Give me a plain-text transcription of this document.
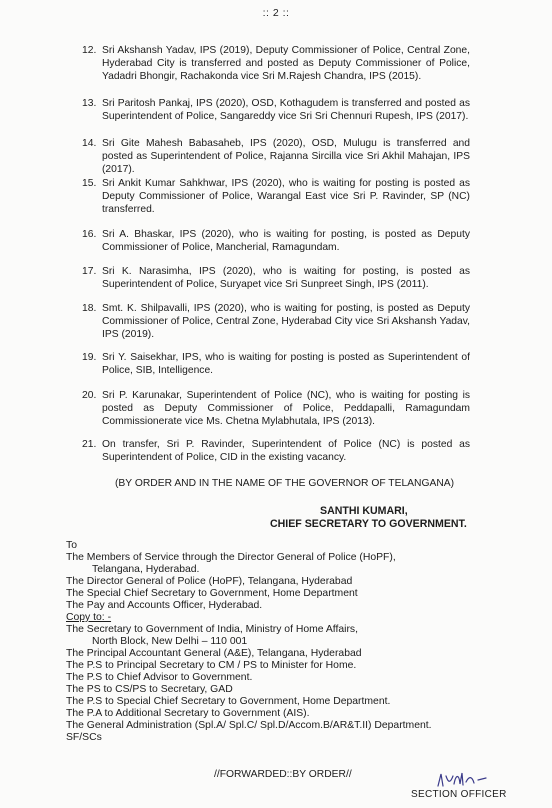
:: 2 ::
12. Sri Akshansh Yadav, IPS (2019), Deputy Commissioner of Police, Central Zone, Hyderabad City is transferred and posted as Deputy Commissioner of Police, Yadadri Bhongir, Rachakonda vice Sri M.Rajesh Chandra, IPS (2015).
13. Sri Paritosh Pankaj, IPS (2020), OSD, Kothagudem is transferred and posted as Superintendent of Police, Sangareddy vice Sri Sri Chennuri Rupesh, IPS (2017).
14. Sri Gite Mahesh Babasaheb, IPS (2020), OSD, Mulugu is transferred and posted as Superintendent of Police, Rajanna Sircilla vice Sri Akhil Mahajan, IPS (2017).
15. Sri Ankit Kumar Sahkhwar, IPS (2020), who is waiting for posting is posted as Deputy Commissioner of Police, Warangal East vice Sri P. Ravinder, SP (NC) transferred.
16. Sri A. Bhaskar, IPS (2020), who is waiting for posting, is posted as Deputy Commissioner of Police, Mancherial, Ramagundam.
17. Sri K. Narasimha, IPS (2020), who is waiting for posting, is posted as Superintendent of Police, Suryapet vice Sri Sunpreet Singh, IPS (2011).
18. Smt. K. Shilpavalli, IPS (2020), who is waiting for posting, is posted as Deputy Commissioner of Police, Central Zone, Hyderabad City vice Sri Akshansh Yadav, IPS (2019).
19. Sri Y. Saisekhar, IPS, who is waiting for posting is posted as Superintendent of Police, SIB, Intelligence.
20. Sri P. Karunakar, Superintendent of Police (NC), who is waiting for posting is posted as Deputy Commissioner of Police, Peddapalli, Ramagundam Commissionerate vice Ms. Chetna Mylabhutala, IPS (2013).
21. On transfer, Sri P. Ravinder, Superintendent of Police (NC) is posted as Superintendent of Police, CID in the existing vacancy.
(BY ORDER AND IN THE NAME OF THE GOVERNOR OF TELANGANA)
SANTHI KUMARI,
CHIEF SECRETARY TO GOVERNMENT.
To
The Members of Service through the Director General of Police (HoPF),
Telangana, Hyderabad.
The Director General of Police (HoPF), Telangana, Hyderabad
The Special Chief Secretary to Government, Home Department
The Pay and Accounts Officer, Hyderabad.
Copy to: -
The Secretary to Government of India, Ministry of Home Affairs,
North Block, New Delhi – 110 001
The Principal Accountant General (A&E), Telangana, Hyderabad
The P.S to Principal Secretary to CM / PS to Minister for Home.
The P.S to Chief Advisor to Government.
The PS to CS/PS to Secretary, GAD
The P.S to Special Chief Secretary to Government, Home Department.
The P.A to Additional Secretary to Government (AIS).
The General Administration (Spl.A/ Spl.C/ Spl.D/Accom.B/AR&T.II) Department.
SF/SCs
//FORWARDED::BY ORDER//
SECTION OFFICER
